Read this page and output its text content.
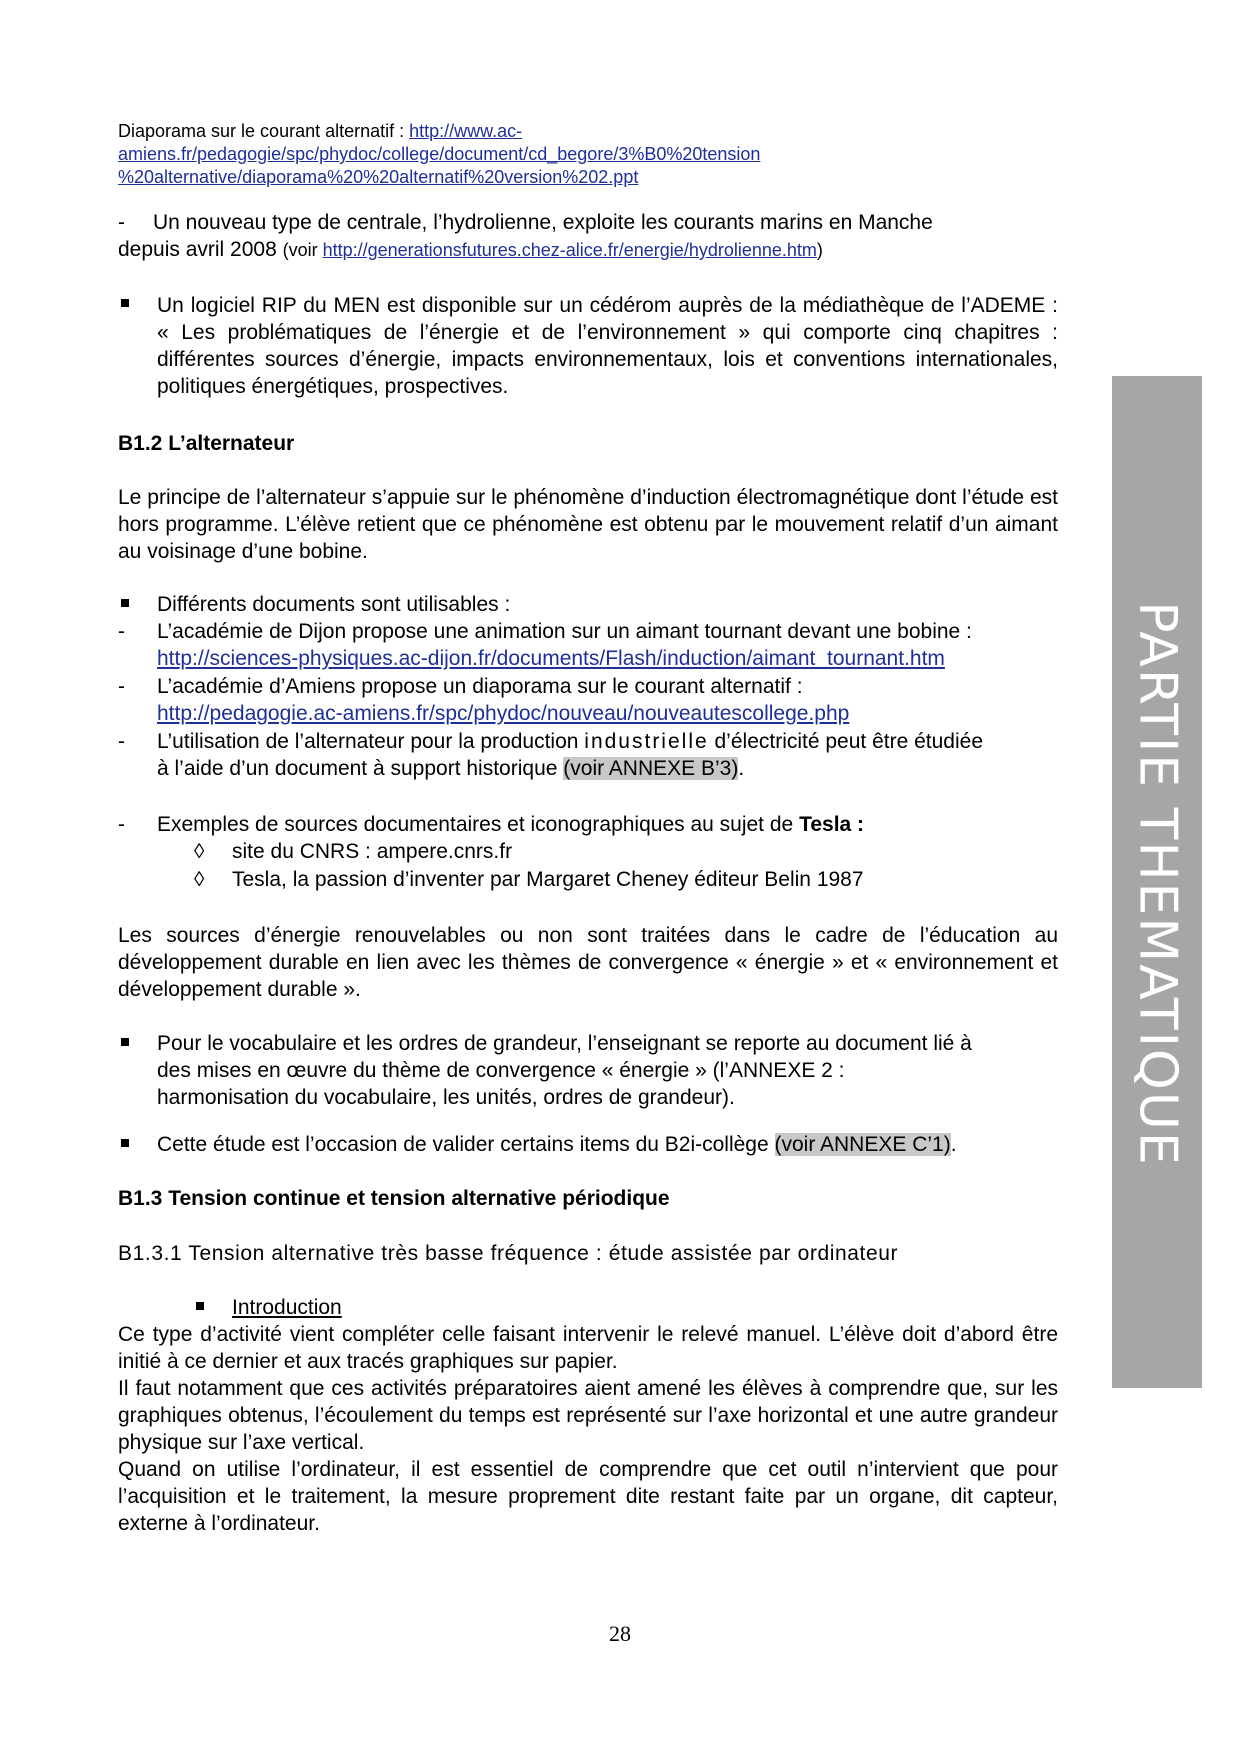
PARTIE THEMATIQUE
Diaporama sur le courant alternatif : http://www.ac-
amiens.fr/pedagogie/spc/phydoc/college/document/cd_begore/3%B0%20tension
%20alternative/diaporama%20%20alternatif%20version%202.ppt
- Un nouveau type de centrale, l’hydrolienne, exploite les courants marins en Manche
depuis avril 2008 (voir http://generationsfutures.chez-alice.fr/energie/hydrolienne.htm)
Un logiciel RIP du MEN est disponible sur un cédérom auprès de la médiathèque de l’ADEME : « Les problématiques de l’énergie et de l’environnement » qui comporte cinq chapitres : différentes sources d’énergie, impacts environnementaux, lois et conventions internationales, politiques énergétiques, prospectives.
B1.2 L’alternateur
Le principe de l’alternateur s’appuie sur le phénomène d’induction électromagnétique dont l’étude est hors programme. L’élève retient que ce phénomène est obtenu par le mouvement relatif d’un aimant au voisinage d’une bobine.
Différents documents sont utilisables :
- L’académie de Dijon propose une animation sur un aimant tournant devant une bobine :
http://sciences-physiques.ac-dijon.fr/documents/Flash/induction/aimant_tournant.htm
- L’académie d’Amiens propose un diaporama sur le courant alternatif :
http://pedagogie.ac-amiens.fr/spc/phydoc/nouveau/nouveautescollege.php
- L’utilisation de l’alternateur pour la production industrielle d’électricité peut être étudiée
à l’aide d’un document à support historique (voir ANNEXE B’3).
- Exemples de sources documentaires et iconographiques au sujet de Tesla :
◊ site du CNRS : ampere.cnrs.fr
◊ Tesla, la passion d’inventer par Margaret Cheney éditeur Belin 1987
Les sources d’énergie renouvelables ou non sont traitées dans le cadre de l’éducation au développement durable en lien avec les thèmes de convergence « énergie » et « environnement et développement durable ».
Pour le vocabulaire et les ordres de grandeur, l’enseignant se reporte au document lié à
des mises en œuvre du thème de convergence « énergie » (l’ANNEXE 2 :
harmonisation du vocabulaire, les unités, ordres de grandeur).
Cette étude est l’occasion de valider certains items du B2i-collège (voir ANNEXE C’1).
B1.3 Tension continue et tension alternative périodique
B1.3.1 Tension alternative très basse fréquence : étude assistée par ordinateur
Introduction
Ce type d’activité vient compléter celle faisant intervenir le relevé manuel. L’élève doit d’abord être initié à ce dernier et aux tracés graphiques sur papier.
Il faut notamment que ces activités préparatoires aient amené les élèves à comprendre que, sur les graphiques obtenus, l’écoulement du temps est représenté sur l’axe horizontal et une autre grandeur physique sur l’axe vertical.
Quand on utilise l’ordinateur, il est essentiel de comprendre que cet outil n’intervient que pour l’acquisition et le traitement, la mesure proprement dite restant faite par un organe, dit capteur, externe à l’ordinateur.
28
